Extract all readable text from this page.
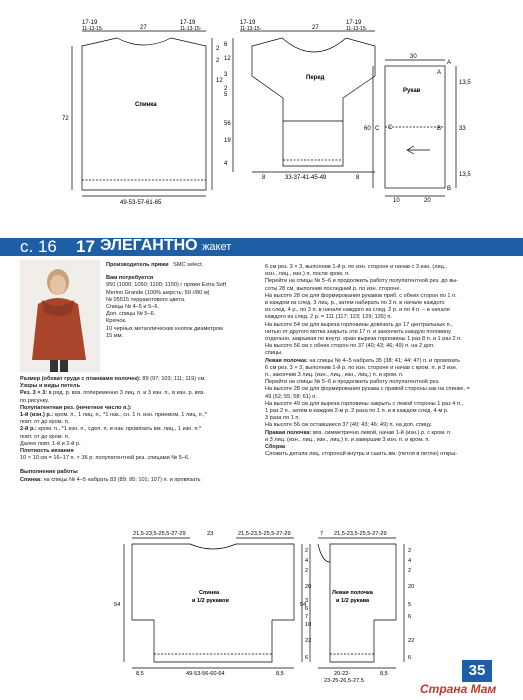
17-19
11-13-15-	27
17-19
11-13-15-
Спинка
72
49-53-57-61-65
2
2
12
17-19
11-13-15-	27
17-19
11-13-15-
Перед
6
12
3
2
56
5
19
4
33-37-41-45-49
8	8
30
Рукав
60 C C
A
A
B
B
13,5
33
13,5
10	20
с. 16 17 ЭЛЕГАНТНО жакет
Производитель пряжи SMC select.
Вам потребуется
950 (1000; 1050; 1100; 1150) г пряжи Extra Soft
Merino Grande (100% шерсть; 50 г/80 м)
№ 05515 терракотового цвета.
Спицы № 4–5 и 5–6.
Доп. спицы № 5–6.
Крючок.
10 черных металлических кнопок диаметром
15 мм.
Размер (обхват груди с планками полочек): 89 (97; 103; 111; 119) см.
Узоры и виды петель
Рез. 3 × 3: в ряд. р. вяз. попеременно 3 лиц. п. и 3 изн. п., в изн. р. вяз.
по рисунку.
Полупатентная рез. (нечетное число п.):
1-й (изн.) р.: кром. п., 1 лиц. п., *1 нак., сн. 1 п. изн. приемом, 1 лиц. п.,*
повт. от до кром. п.
2-й р.: кром. п., *1 изн. п., сдел. п. и нак. провязать вм. лиц., 1 изн. п.*
повт. от до кром. п.
Далее повт. 1-й и 2-й р.
Плотность вязания
10 × 10 см = 16–17 п. × 36 р. полупатентной рез. спицами № 5–6.
Выполнение работы
Спинка: на спицы № 4–5 набрать 83 (89; 95; 101; 107) п. и провязать
6 см рез. 3 × 3, выполнив 1-й р. по изн. стороне и начав с 3 изн. (лиц.,
изн., лиц., изн.) п. после кром. п.
Перейти на спицы № 5–6 и продолжить работу полупатентной рез. до вы-
соты 28 см, выполнив последний р. по изн. стороне.
На высоте 28 см для формирования рукавов приб. с обеих сторон по 1 п.
в каждом из след. 3 лиц. р., затем набирать по 3 п. в начале каждого
из след. 4 р., по 3 п. в начале каждого из след. 2 р. и по 4 п. – в начале
каждого из след. 2 р. = 111 (117; 123; 129; 135) п.
На высоте 54 см для выреза горловины довязать до 17 центральных п.,
нитью от другого мотка закрыть эти 17 п. и закончить каждую половину
отдельно, закрывая по внутр. краю выреза горловины 1 раз 8 п. и 1 раз 2 п.
На высоте 56 см с обеих сторон по 37 (40; 43; 46; 49) п. на 2 доп.
спицы.
Левая полочка: на спицы № 4–5 набрать 35 (38; 41; 44; 47) п. и провязать
6 см рез. 3 × 3, выполнив 1-й р. по изн. стороне и начав с кром. п. и 3 изн.
п., закончив 3 лиц. (изн., лиц., изн., лиц.) п. и кром. п.
Перейти на спицы № 5–6 и продолжить работу полупатентной рез.
На высоте 28 см для формирования рукава с правой стороны как на спинке, =
49 (52; 55; 58; 61) п.
На высоте 49 см для выреза горловины закрыть с левой стороны 1 раз 4 п.,
1 раз 2 п., затем в каждом 2-м р. 2 раза по 1 п. и в каждом след. 4-м р.
3 раза по 1 п.
На высоте 56 см оставшиеся 37 (40; 43; 46; 49) п. на доп. спицу.
Правая полочка: вяз. симметрично левой, начав 1-й (изн.) р. с кром. п.
и 3 лиц. (изн., лиц., изн., лиц.) п. и завершив 3 изн. п. и кром. п.
Сборка
Сложить детали лиц. стороной внутрь и сшить вм. (петля в петлю) откры-
21,5-23,5-25,5-27-29	23	21,5-23,5-25,5-27-29
Спинка
и 1/2 рукавов
54
2
4
2
20
3
6
7
10
22
6
8,5	8,5
49-53-56-60-64
7 21,5-23,5-25,5-27-29
Левая полочка
и 1/2 рукава
54
2
4
2
20
5
6
22
6
8,5
20-22-
23-25-26,5-27,5
35
Страна Мам
